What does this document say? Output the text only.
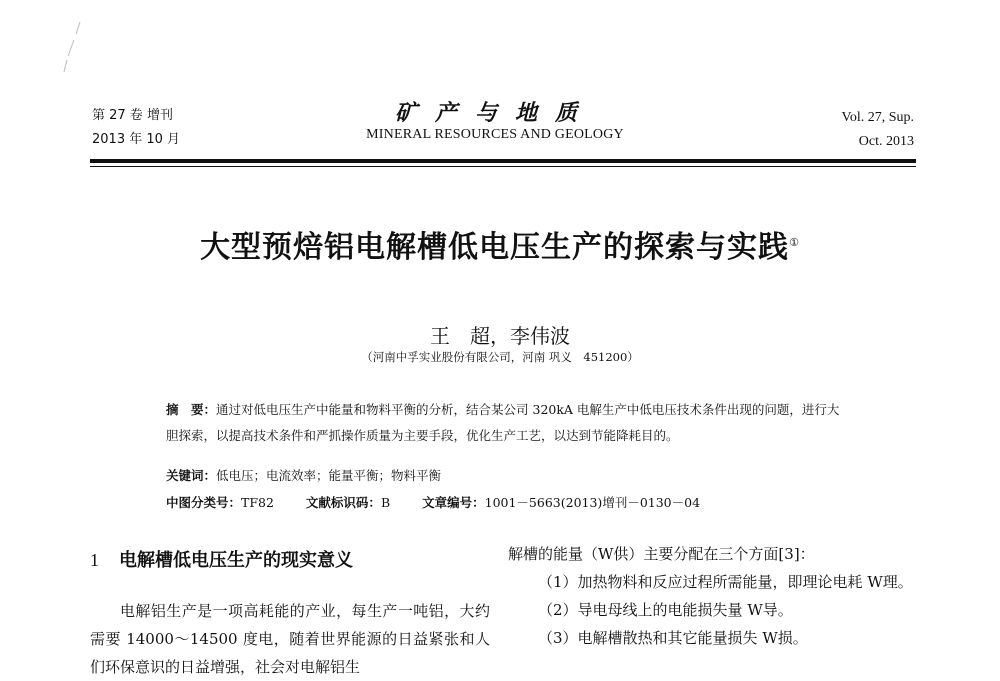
第 27 卷 增刊
2013 年 10 月
矿产与地质
MINERAL RESOURCES AND GEOLOGY
Vol. 27, Sup.
Oct. 2013
大型预焙铝电解槽低电压生产的探索与实践①
王　超，李伟波
（河南中孚实业股份有限公司，河南 巩义　451200）
摘　要：通过对低电压生产中能量和物料平衡的分析，结合某公司 320kA 电解生产中低电压技术条件出现的问题，进行大胆探索，以提高技术条件和严抓操作质量为主要手段，优化生产工艺，以达到节能降耗目的。
关键词：低电压；电流效率；能量平衡；物料平衡
中图分类号：TF82	文献标识码：B	文章编号：1001－5663(2013)增刊－0130－04
1 电解槽低电压生产的现实意义

电解铝生产是一项高耗能的产业，每生产一吨铝，大约需要 14000～14500 度电，随着世界能源的日益紧张和人们环保意识的日益增强，社会对电解铝生

解槽的能量（W供）主要分配在三个方面[3]：

（1）加热物料和反应过程所需能量，即理论电耗 W理。

（2）导电母线上的电能损失量 W导。

（3）电解槽散热和其它能量损失 W损。
